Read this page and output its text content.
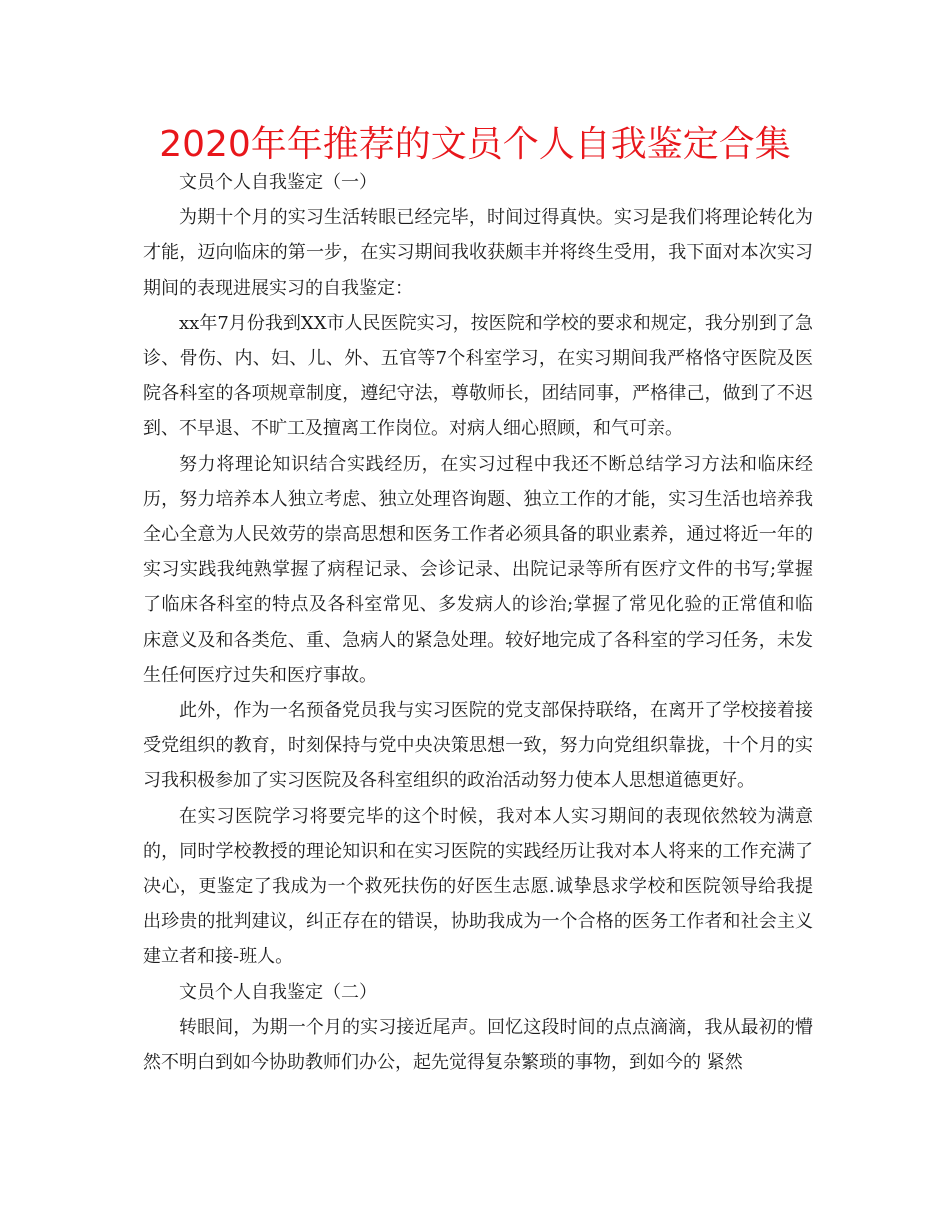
2020年年推荐的文员个人自我鉴定合集

文员个人自我鉴定（一）

为期十个月的实习生活转眼已经完毕，时间过得真快。实习是我们将理论转化为才能，迈向临床的第一步，在实习期间我收获颇丰并将终生受用，我下面对本次实习期间的表现进展实习的自我鉴定：

xx年7月份我到XX市人民医院实习，按医院和学校的要求和规定，我分别到了急诊、骨伤、内、妇、儿、外、五官等7个科室学习，在实习期间我严格恪守医院及医院各科室的各项规章制度，遵纪守法，尊敬师长，团结同事，严格律己，做到了不迟到、不早退、不旷工及擅离工作岗位。对病人细心照顾，和气可亲。

努力将理论知识结合实践经历，在实习过程中我还不断总结学习方法和临床经历，努力培养本人独立考虑、独立处理咨询题、独立工作的才能，实习生活也培养我全心全意为人民效劳的崇高思想和医务工作者必须具备的职业素养，通过将近一年的实习实践我纯熟掌握了病程记录、会诊记录、出院记录等所有医疗文件的书写;掌握了临床各科室的特点及各科室常见、多发病人的诊治;掌握了常见化验的正常值和临床意义及和各类危、重、急病人的紧急处理。较好地完成了各科室的学习任务，未发生任何医疗过失和医疗事故。

此外，作为一名预备党员我与实习医院的党支部保持联络，在离开了学校接着接受党组织的教育，时刻保持与党中央决策思想一致，努力向党组织靠拢，十个月的实习我积极参加了实习医院及各科室组织的政治活动努力使本人思想道德更好。

在实习医院学习将要完毕的这个时候，我对本人实习期间的表现依然较为满意的，同时学校教授的理论知识和在实习医院的实践经历让我对本人将来的工作充满了决心，更鉴定了我成为一个救死扶伤的好医生志愿.诚挚恳求学校和医院领导给我提出珍贵的批判建议，纠正存在的错误，协助我成为一个合格的医务工作者和社会主义建立者和接-班人。

文员个人自我鉴定（二）

转眼间，为期一个月的实习接近尾声。回忆这段时间的点点滴滴，我从最初的懵然不明白到如今协助教师们办公，起先觉得复杂繁琐的事物，到如今的 紧然
